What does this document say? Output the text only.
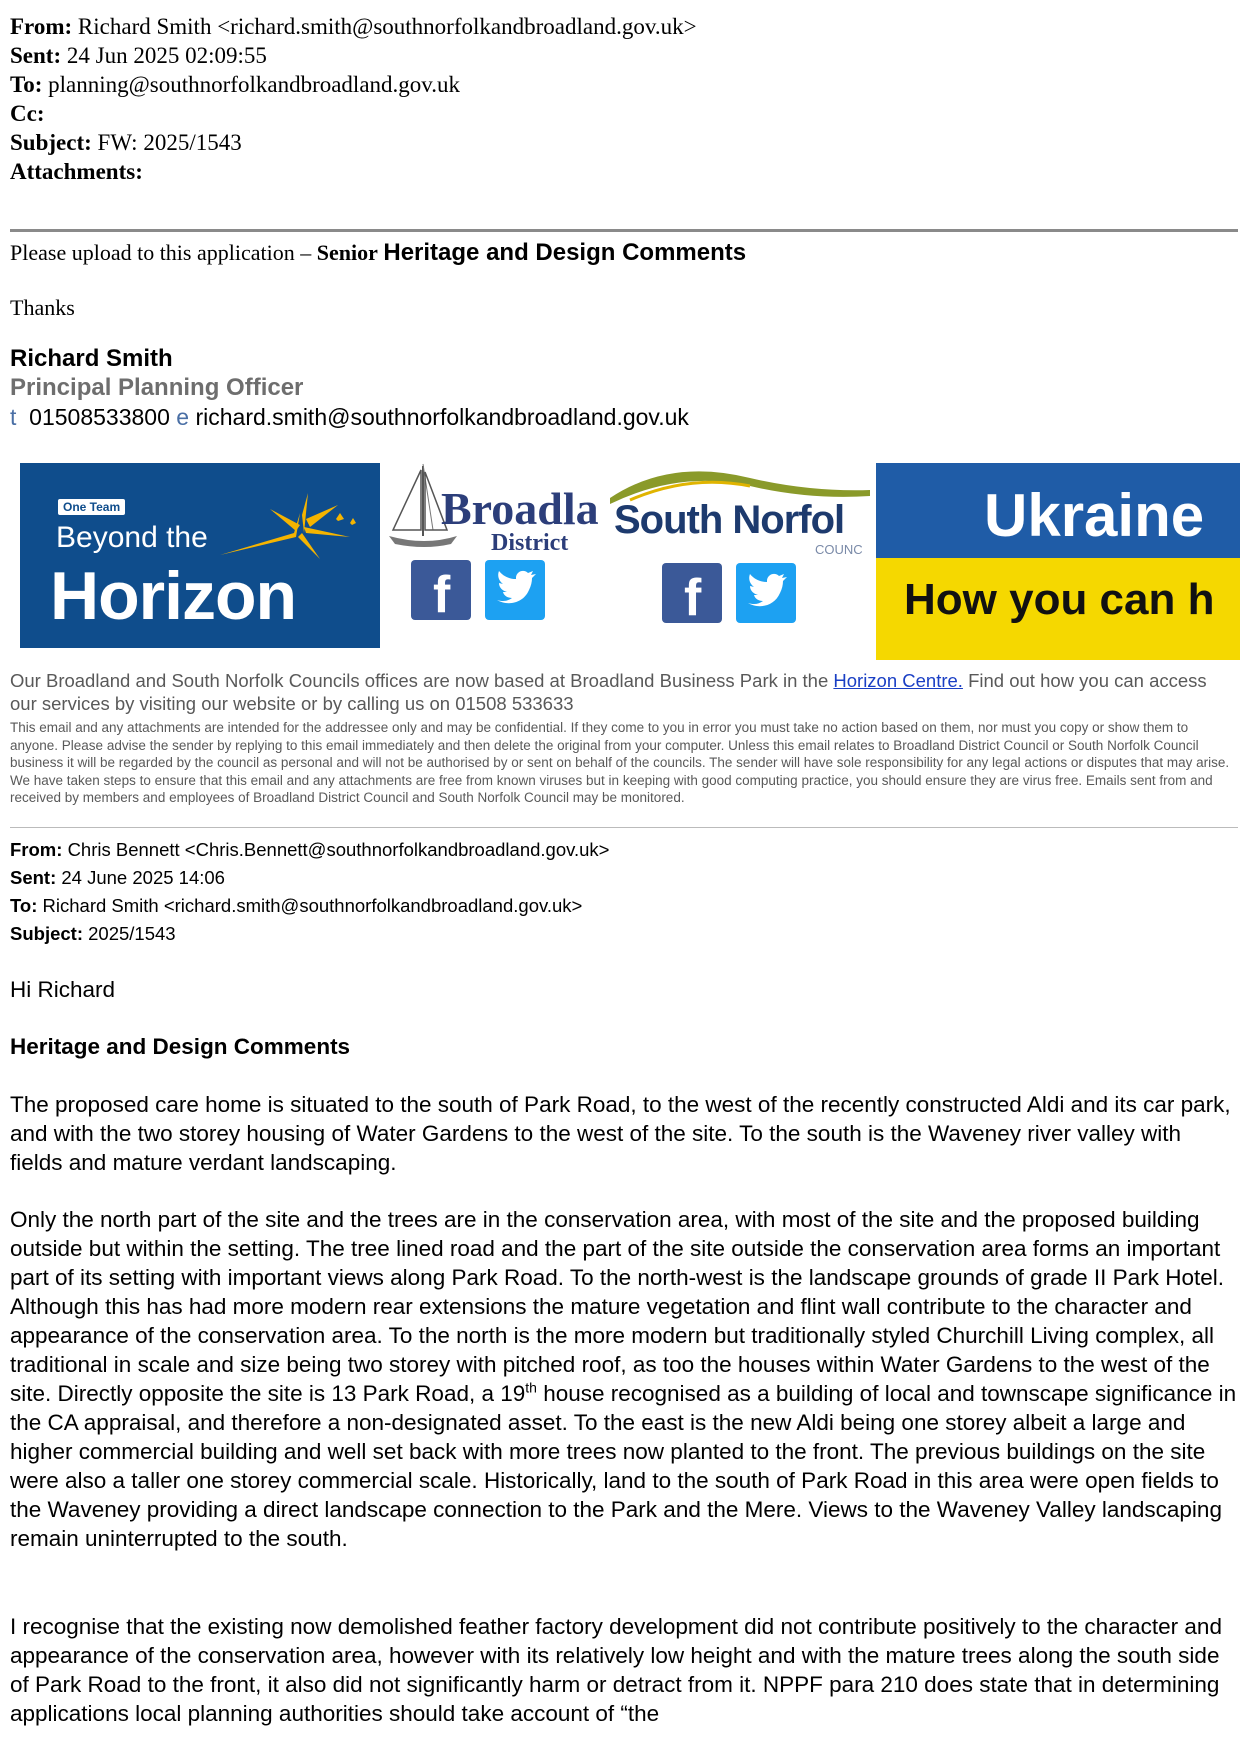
From: Richard Smith <richard.smith@southnorfolkandbroadland.gov.uk>
Sent: 24 Jun 2025 02:09:55
To: planning@southnorfolkandbroadland.gov.uk
Cc:
Subject: FW: 2025/1543
Attachments:
Please upload to this application – Senior Heritage and Design Comments
Thanks
Richard Smith
Principal Planning Officer
t 01508533800 e richard.smith@southnorfolkandbroadland.gov.uk
One Team
Beyond the
Horizon
Broadla
District
f
South Norfol
COUNC
f
Ukraine
How you can h
Our Broadland and South Norfolk Councils offices are now based at Broadland Business Park in the Horizon Centre. Find out how you can access our services by visiting our website or by calling us on 01508 533633
This email and any attachments are intended for the addressee only and may be confidential. If they come to you in error you must take no action based on them, nor must you copy or show them to anyone. Please advise the sender by replying to this email immediately and then delete the original from your computer. Unless this email relates to Broadland District Council or South Norfolk Council business it will be regarded by the council as personal and will not be authorised by or sent on behalf of the councils. The sender will have sole responsibility for any legal actions or disputes that may arise. We have taken steps to ensure that this email and any attachments are free from known viruses but in keeping with good computing practice, you should ensure they are virus free. Emails sent from and received by members and employees of Broadland District Council and South Norfolk Council may be monitored.
From: Chris Bennett <Chris.Bennett@southnorfolkandbroadland.gov.uk>
Sent: 24 June 2025 14:06
To: Richard Smith <richard.smith@southnorfolkandbroadland.gov.uk>
Subject: 2025/1543
Hi Richard
Heritage and Design Comments
The proposed care home is situated to the south of Park Road, to the west of the recently constructed Aldi and its car park, and with the two storey housing of Water Gardens to the west of the site. To the south is the Waveney river valley with fields and mature verdant landscaping.
Only the north part of the site and the trees are in the conservation area, with most of the site and the proposed building outside but within the setting. The tree lined road and the part of the site outside the conservation area forms an important part of its setting with important views along Park Road. To the north-west is the landscape grounds of grade II Park Hotel. Although this has had more modern rear extensions the mature vegetation and flint wall contribute to the character and appearance of the conservation area. To the north is the more modern but traditionally styled Churchill Living complex, all traditional in scale and size being two storey with pitched roof, as too the houses within Water Gardens to the west of the site. Directly opposite the site is 13 Park Road, a 19th house recognised as a building of local and townscape significance in the CA appraisal, and therefore a non-designated asset. To the east is the new Aldi being one storey albeit a large and higher commercial building and well set back with more trees now planted to the front. The previous buildings on the site were also a taller one storey commercial scale. Historically, land to the south of Park Road in this area were open fields to the Waveney providing a direct landscape connection to the Park and the Mere. Views to the Waveney Valley landscaping remain uninterrupted to the south.
I recognise that the existing now demolished feather factory development did not contribute positively to the character and appearance of the conservation area, however with its relatively low height and with the mature trees along the south side of Park Road to the front, it also did not significantly harm or detract from it. NPPF para 210 does state that in determining applications local planning authorities should take account of “the
